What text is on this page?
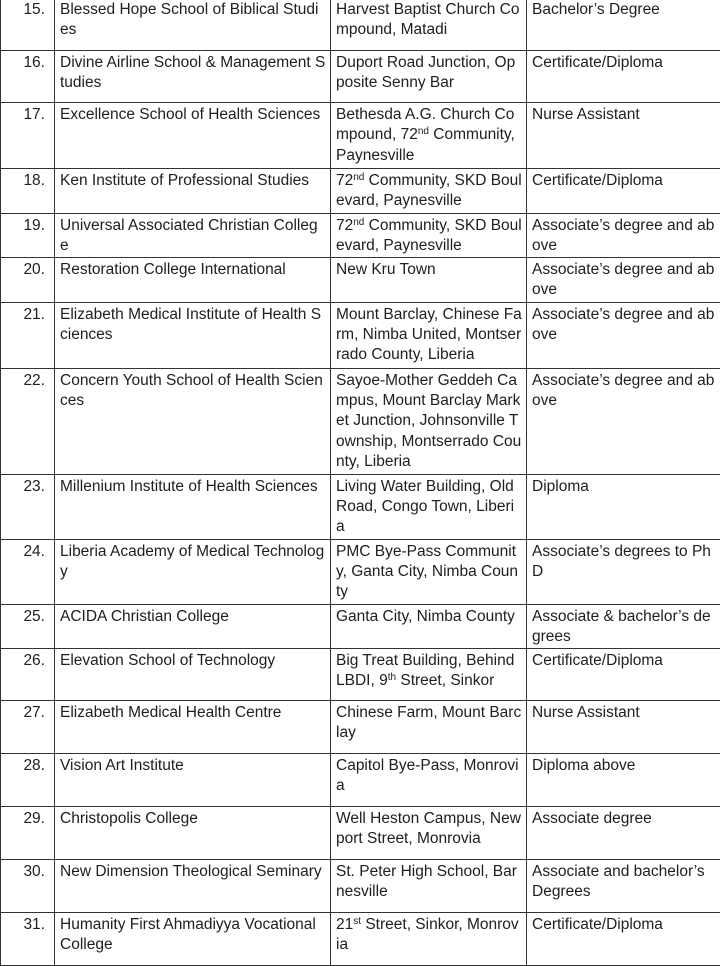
15.	Blessed Hope School of Biblical Studies	Harvest Baptist Church Compound, Matadi	Bachelor’s Degree
16.	Divine Airline School & Management Studies	Duport Road Junction, Opposite Senny Bar	Certificate/Diploma
17.	Excellence School of Health Sciences	Bethesda A.G. Church Compound, 72nd Community, Paynesville	Nurse Assistant
18.	Ken Institute of Professional Studies	72nd Community, SKD Boulevard, Paynesville	Certificate/Diploma
19.	Universal Associated Christian College	72nd Community, SKD Boulevard, Paynesville	Associate’s degree and above
20.	Restoration College International	New Kru Town	Associate’s degree and above
21.	Elizabeth Medical Institute of Health Sciences	Mount Barclay, Chinese Farm, Nimba United, Montserrado County, Liberia	Associate’s degree and above
22.	Concern Youth School of Health Sciences	Sayoe-Mother Geddeh Campus, Mount Barclay Market Junction, Johnsonville Township, Montserrado County, Liberia	Associate’s degree and above
23.	Millenium Institute of Health Sciences	Living Water Building, Old Road, Congo Town, Liberia	Diploma
24.	Liberia Academy of Medical Technology	PMC Bye-Pass Community, Ganta City, Nimba County	Associate’s degrees to PhD
25.	ACIDA Christian College	Ganta City, Nimba County	Associate & bachelor’s degrees
26.	Elevation School of Technology	Big Treat Building, Behind LBDI, 9th Street, Sinkor	Certificate/Diploma
27.	Elizabeth Medical Health Centre	Chinese Farm, Mount Barclay	Nurse Assistant
28.	Vision Art Institute	Capitol Bye-Pass, Monrovia	Diploma above
29.	Christopolis College	Well Heston Campus, Newport Street, Monrovia	Associate degree
30.	New Dimension Theological Seminary	St. Peter High School, Barnesville	Associate and bachelor’s Degrees
31.	Humanity First Ahmadiyya Vocational College	21st Street, Sinkor, Monrovia	Certificate/Diploma
